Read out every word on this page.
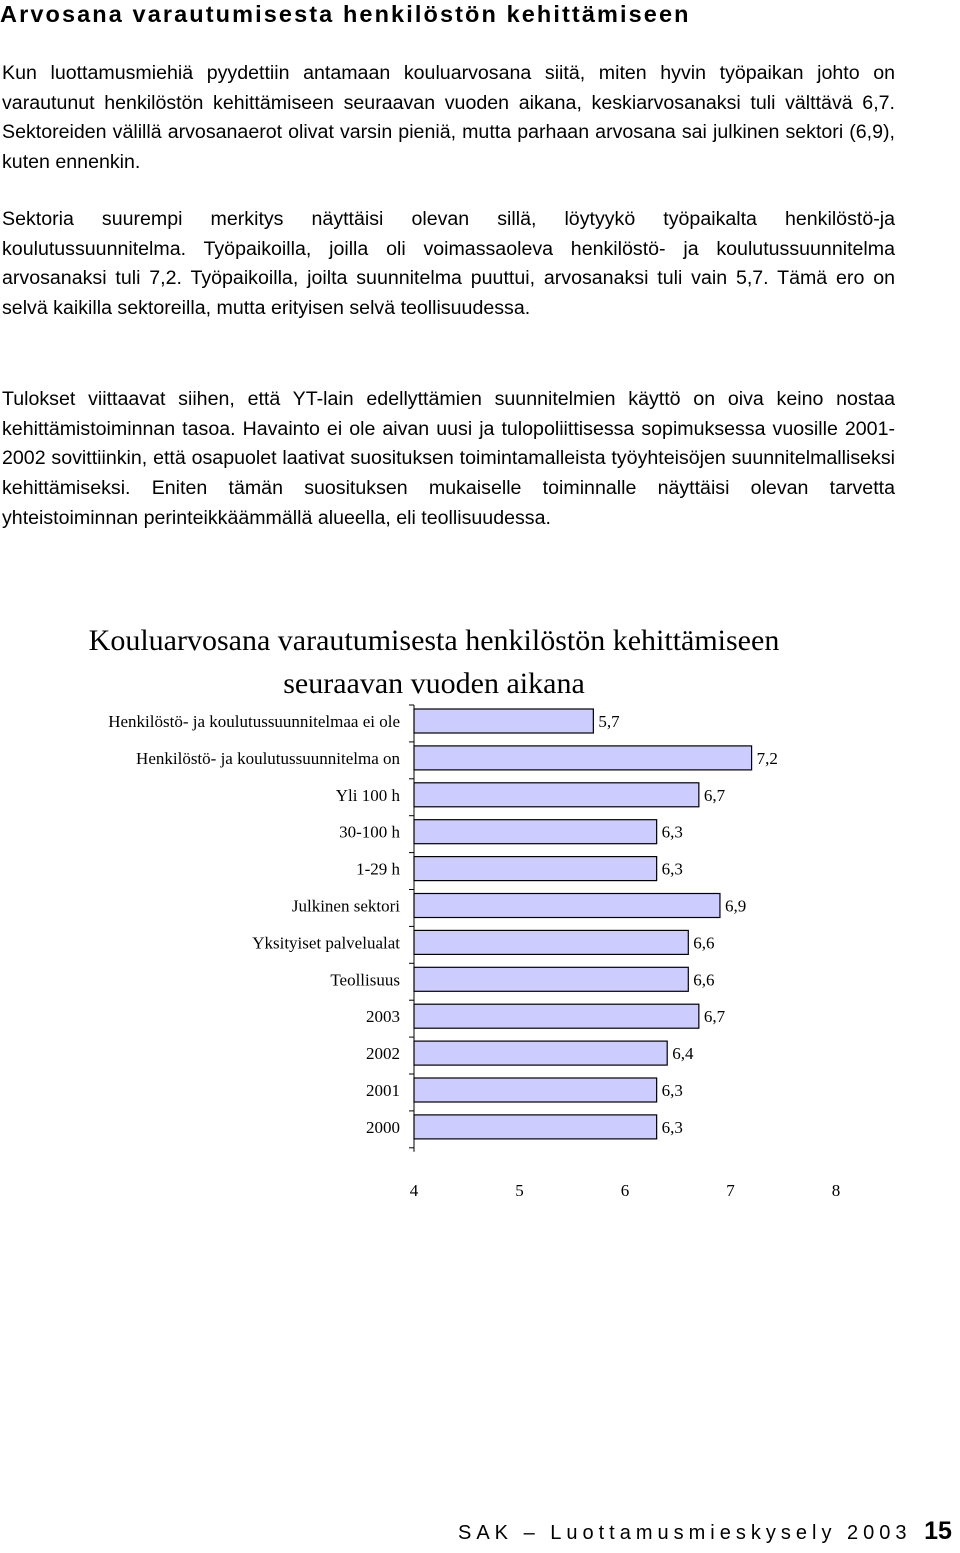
Arvosana varautumisesta henkilöstön kehittämiseen

Kun luottamusmiehiä pyydettiin antamaan kouluarvosana siitä, miten hyvin työpaikan johto on varautunut henkilöstön kehittämiseen seuraavan vuoden aikana, keskiarvosanaksi tuli välttävä 6,7. Sektoreiden välillä arvosanaerot olivat varsin pieniä, mutta parhaan arvosana sai julkinen sektori (6,9), kuten ennenkin.

Sektoria suurempi merkitys näyttäisi olevan sillä, löytyykö työpaikalta henkilöstö-ja koulutussuunnitelma. Työpaikoilla, joilla oli voimassaoleva henkilöstö- ja koulutussuunnitelma arvosanaksi tuli 7,2. Työpaikoilla, joilta suunnitelma puuttui, arvosanaksi tuli vain 5,7. Tämä ero on selvä kaikilla sektoreilla, mutta erityisen selvä teollisuudessa.

Tulokset viittaavat siihen, että YT-lain edellyttämien suunnitelmien käyttö on oiva keino nostaa kehittämistoiminnan tasoa. Havainto ei ole aivan uusi ja tulopoliittisessa sopimuksessa vuosille 2001-2002 sovittiinkin, että osapuolet laativat suosituksen toimintamalleista työyhteisöjen suunnitelmalliseksi kehittämiseksi. Eniten tämän suosituksen mukaiselle toiminnalle näyttäisi olevan tarvetta yhteistoiminnan perinteikkäämmällä alueella, eli teollisuudessa.

Kouluarvosana varautumisesta henkilöstön kehittämiseen
seuraavan vuoden aikana
Henkilöstö- ja koulutussuunnitelmaa ei ole	5,7
Henkilöstö- ja koulutussuunnitelma on	7,2
Yli 100 h	6,7
30-100 h	6,3
1-29 h	6,3
Julkinen sektori	6,9
Yksityiset palvelualat	6,6
Teollisuus	6,6
2003	6,7
2002	6,4
2001	6,3
2000	6,3
4	5	6	7	8
SAK – Luottamusmieskysely 2003 15
